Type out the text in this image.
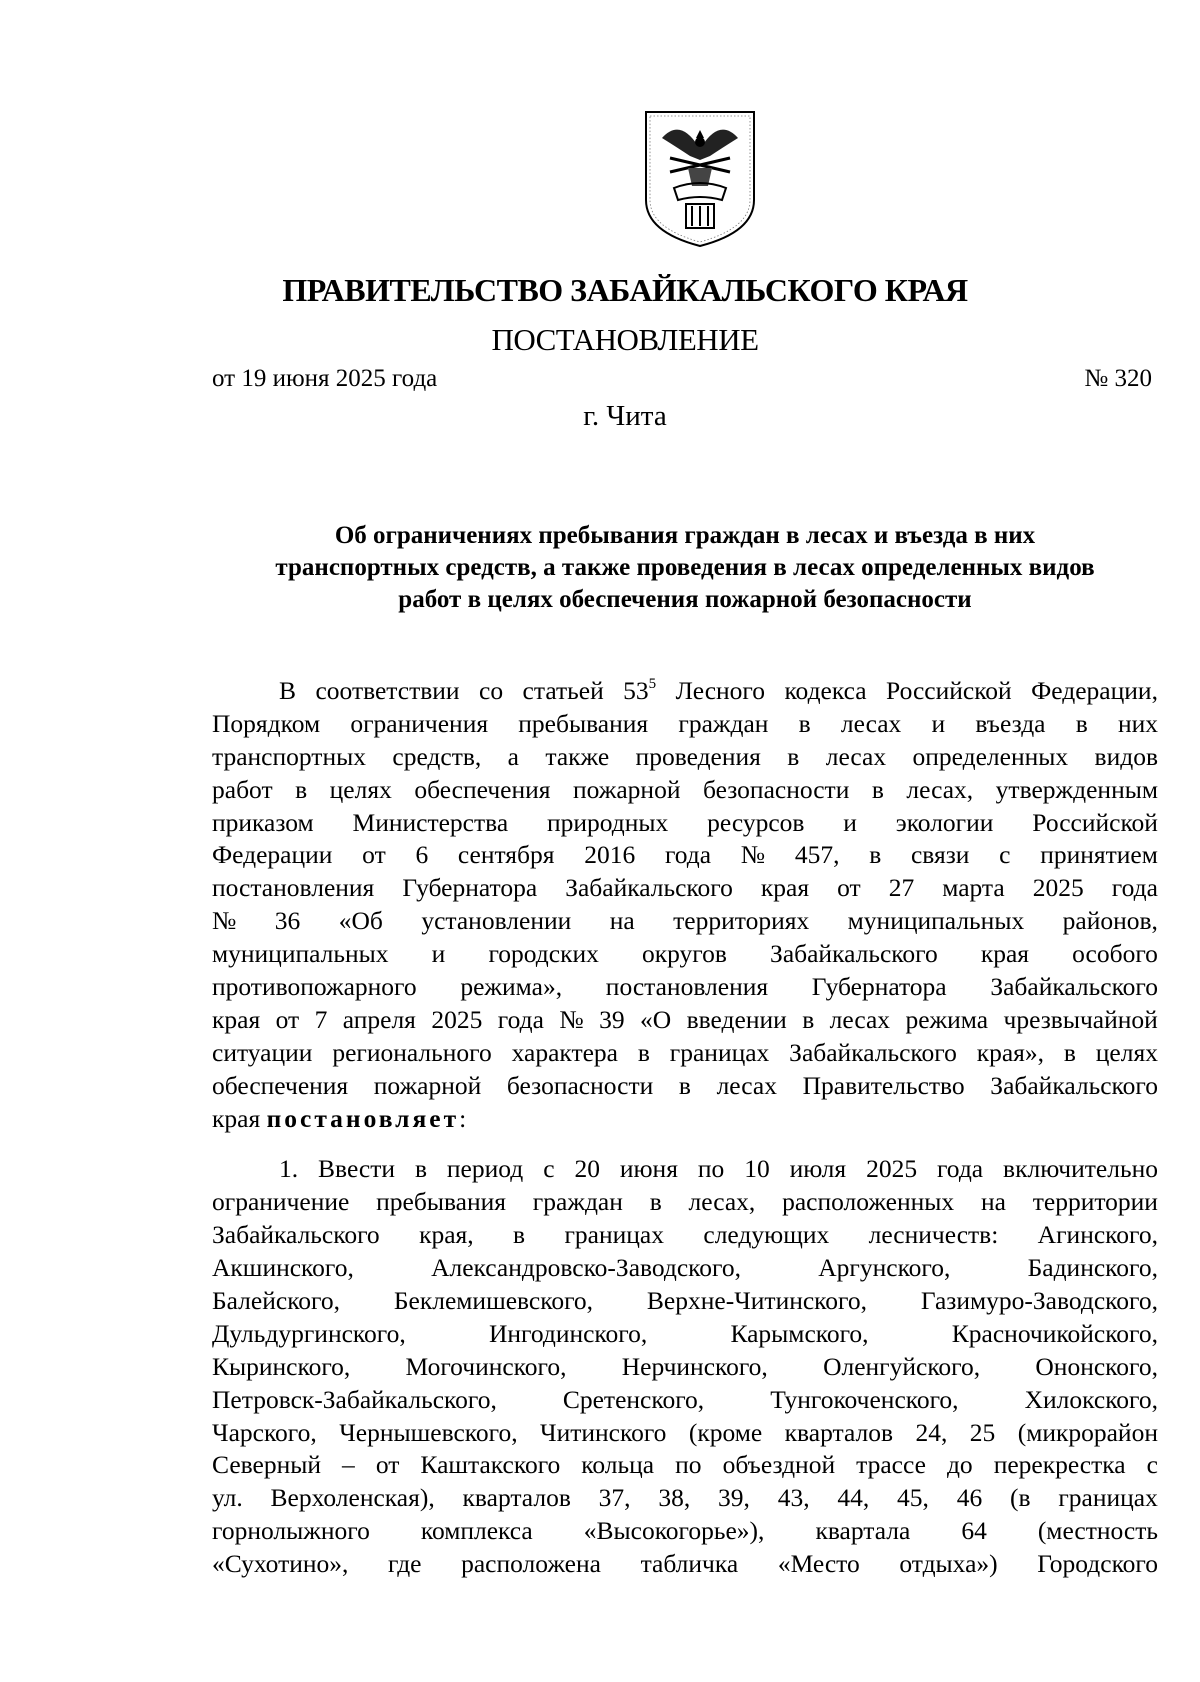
ПРАВИТЕЛЬСТВО ЗАБАЙКАЛЬСКОГО КРАЯ
ПОСТАНОВЛЕНИЕ
от 19 июня 2025 года	№ 320
г. Чита
Об ограничениях пребывания граждан в лесах и въезда в них
транспортных средств, а также проведения в лесах определенных видов
работ в целях обеспечения пожарной безопасности
В соответствии со статьей $53^5$ Лесного кодекса Российской Федерации,
Порядком ограничения пребывания граждан в лесах и въезда в них
транспортных средств, а также проведения в лесах определенных видов
работ в целях обеспечения пожарной безопасности в лесах, утвержденным
приказом Министерства природных ресурсов и экологии Российской
Федерации от 6 сентября 2016 года № 457, в связи с принятием
постановления Губернатора Забайкальского края от 27 марта 2025 года
№ 36 «Об установлении на территориях муниципальных районов,
муниципальных и городских округов Забайкальского края особого
противопожарного режима», постановления Губернатора Забайкальского
края от 7 апреля 2025 года № 39 «О введении в лесах режима чрезвычайной
ситуации регионального характера в границах Забайкальского края», в целях
обеспечения пожарной безопасности в лесах Правительство Забайкальского
края постановляет :
1. Ввести в период с 20 июня по 10 июля 2025 года включительно
ограничение пребывания граждан в лесах, расположенных на территории
Забайкальского края, в границах следующих лесничеств: Агинского,
Акшинского,	Александровско-Заводского,	Аргунского,	Бадинского,
Балейского, Беклемишевского, Верхне-Читинского, Газимуро-Заводского,
Дульдургинского,	Ингодинского,	Карымского,	Красночикойского,
Кыринского, Могочинского, Нерчинского, Оленгуйского, Ононского,
Петровск-Забайкальского,	Сретенского,	Тунгокоченского,	Хилокского,
Чарского, Чернышевского, Читинского (кроме кварталов 24, 25 (микрорайон
Северный – от Каштакского кольца по объездной трассе до перекрестка с
ул. Верхоленская), кварталов 37, 38, 39, 43, 44, 45, 46 (в границах
горнолыжного комплекса «Высокогорье»), квартала 64 (местность
«Сухотино», где расположена табличка «Место отдыха») Городского
